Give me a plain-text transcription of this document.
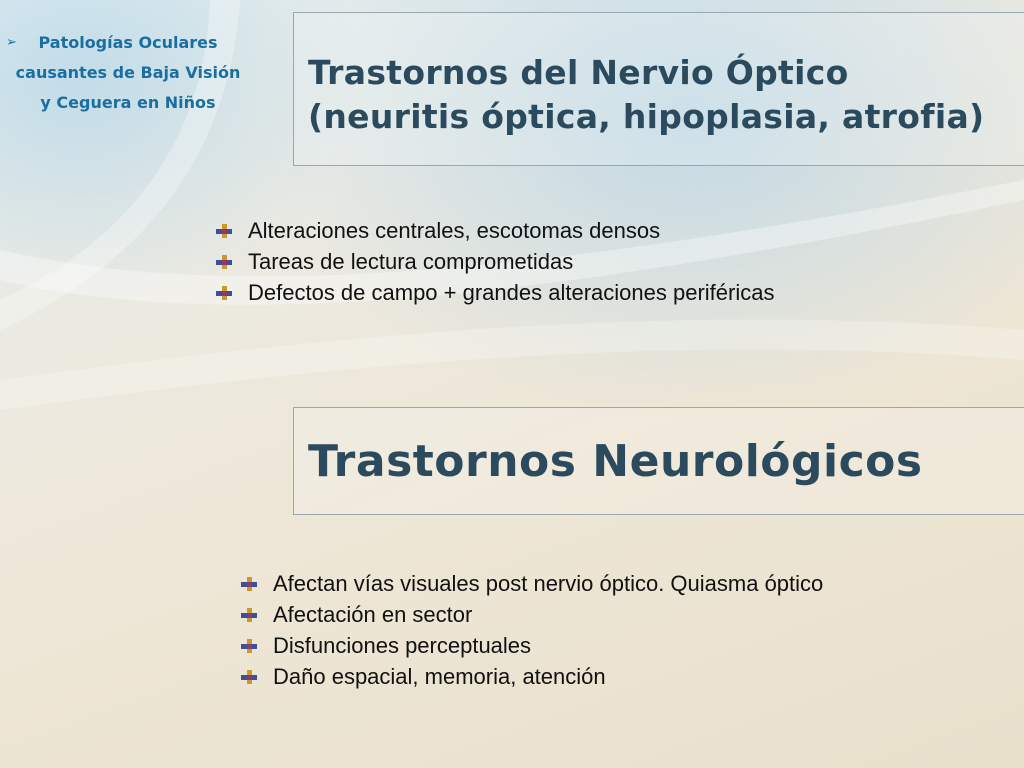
➢	Patologías Oculares
causantes de Baja Visión
y Ceguera en Niños
Trastornos del Nervio Óptico
(neuritis óptica, hipoplasia, atrofia)
Alteraciones centrales, escotomas densos
Tareas de lectura comprometidas
Defectos de campo + grandes alteraciones periféricas
Trastornos Neurológicos
Afectan vías visuales post nervio óptico. Quiasma óptico
Afectación en sector
Disfunciones perceptuales
Daño espacial, memoria, atención
